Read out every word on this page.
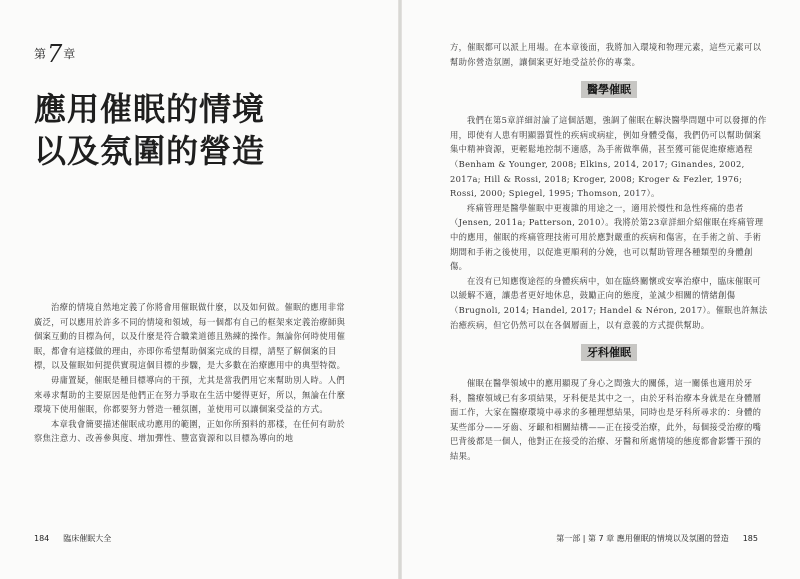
第7章
應用催眠的情境
以及氛圍的營造

治療的情境自然地定義了你將會用催眠做什麼，以及如何做。催眠的應用非常廣泛，可以應用於許多不同的情境和領域，每一個都有自己的框架來定義治療師與個案互動的目標為何，以及什麼是符合職業道德且熟練的操作。無論你何時使用催眠，都會有這樣做的理由，亦即你希望幫助個案完成的目標，請堅了解個案的目標，以及催眠如何提供實現這個目標的步驟，是大多數在治療應用中的典型特徵。

毋庸置疑，催眠是種目標導向的干預，尤其是當我們用它來幫助別人時。人們來尋求幫助的主要原因是他們正在努力爭取在生活中變得更好，所以，無論在什麼環境下使用催眠，你都要努力營造一種氛圍，並使用可以讓個案受益的方式。

本章我會簡要描述催眠成功應用的範圍，正如你所預料的那樣，在任何有助於察焦注意力、改善參與度、增加彈性、豐富資源和以目標為導向的地

184 臨床催眠大全

方，催眠都可以派上用場。在本章後面，我將加入環境和物理元素，這些元素可以幫助你營造氛圍，讓個案更好地受益於你的專業。

醫學催眠

我們在第5章詳細討論了這個話題，強調了催眠在解決醫學問題中可以發揮的作用，即使有人患有明顯器質性的疾病或病症，例如身體受傷，我們仍可以幫助個案集中精神資源，更輕鬆地控制不適感，為手術做準備，甚至獲可能促進療癒過程（Benham & Younger, 2008; Elkins, 2014, 2017; Ginandes, 2002, 2017a; Hill & Rossi, 2018; Kroger, 2008; Kroger & Fezler, 1976; Rossi, 2000; Spiegel, 1995; Thomson, 2017）。

疼痛管理是醫學催眠中更複雜的用途之一，適用於慢性和急性疼痛的患者（Jensen, 2011a; Patterson, 2010）。我將於第23章詳細介紹催眠在疼痛管理中的應用，催眠的疼痛管理技術可用於應對嚴重的疾病和傷害，在手術之前、手術期間和手術之後使用，以促進更順利的分娩，也可以幫助管理各種類型的身體創傷。

在沒有已知應復途徑的身體疾病中，如在臨終關懷或安寧治療中，臨床催眠可以緩解不適，讓患者更好地休息，鼓勵正向的態度，並減少相關的情緒創傷（Brugnoli, 2014; Handel, 2017; Handel & Néron, 2017）。催眠也許無法治癒疾病，但它仍然可以在各個層面上，以有意義的方式提供幫助。

牙科催眠

催眠在醫學領域中的應用顯現了身心之間強大的關係，這一關係也適用於牙科，醫療領域已有多項結果，牙科便是其中之一，由於牙科治療本身就是在身體層面工作，大家在醫療環境中尋求的多種理想結果，同時也是牙科所尋求的：身體的某些部分——牙齒、牙齦和相關結構——正在接受治療，此外，每個接受治療的嘴巴背後都是一個人，他對正在接受的治療、牙醫和所處情境的態度都會影響干預的結果。

第一部 | 第 7 章 應用催眠的情境以及氛圍的營造 185
